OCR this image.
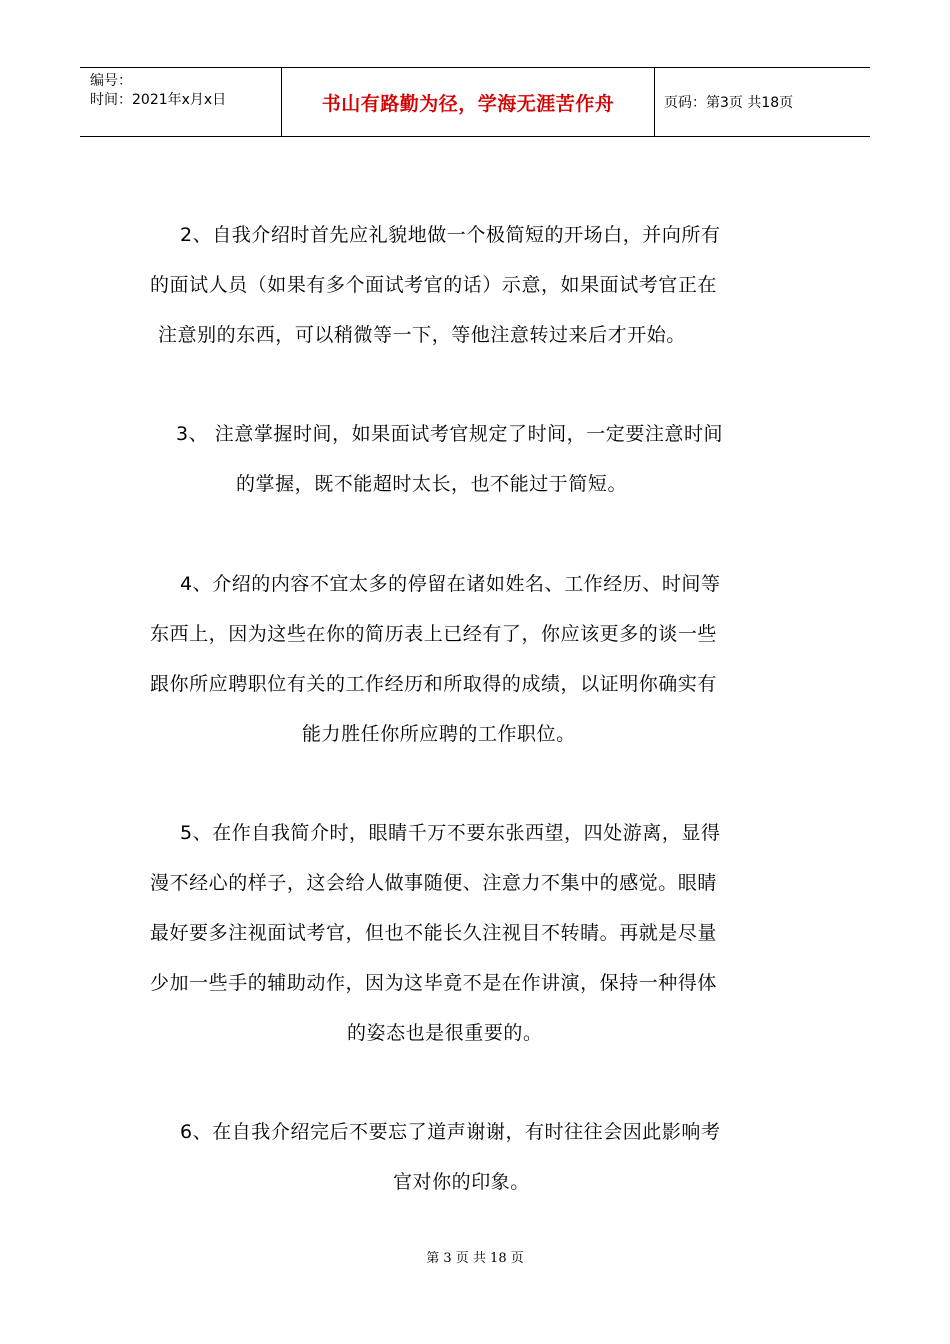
编号：
时间：2021年x月x日	书山有路勤为径，学海无涯苦作舟	页码：第3页 共18页
2、自我介绍时首先应礼貌地做一个极简短的开场白，并向所有
的面试人员（如果有多个面试考官的话）示意，如果面试考官正在
注意别的东西，可以稍微等一下，等他注意转过来后才开始。
3、 注意掌握时间，如果面试考官规定了时间，一定要注意时间
的掌握，既不能超时太长，也不能过于简短。
4、介绍的内容不宜太多的停留在诸如姓名、工作经历、时间等
东西上，因为这些在你的简历表上已经有了，你应该更多的谈一些
跟你所应聘职位有关的工作经历和所取得的成绩，以证明你确实有
能力胜任你所应聘的工作职位。
5、在作自我简介时，眼睛千万不要东张西望，四处游离，显得
漫不经心的样子，这会给人做事随便、注意力不集中的感觉。眼睛
最好要多注视面试考官，但也不能长久注视目不转睛。再就是尽量
少加一些手的辅助动作，因为这毕竟不是在作讲演，保持一种得体
的姿态也是很重要的。
6、在自我介绍完后不要忘了道声谢谢，有时往往会因此影响考
官对你的印象。
第 3 页 共 18 页
